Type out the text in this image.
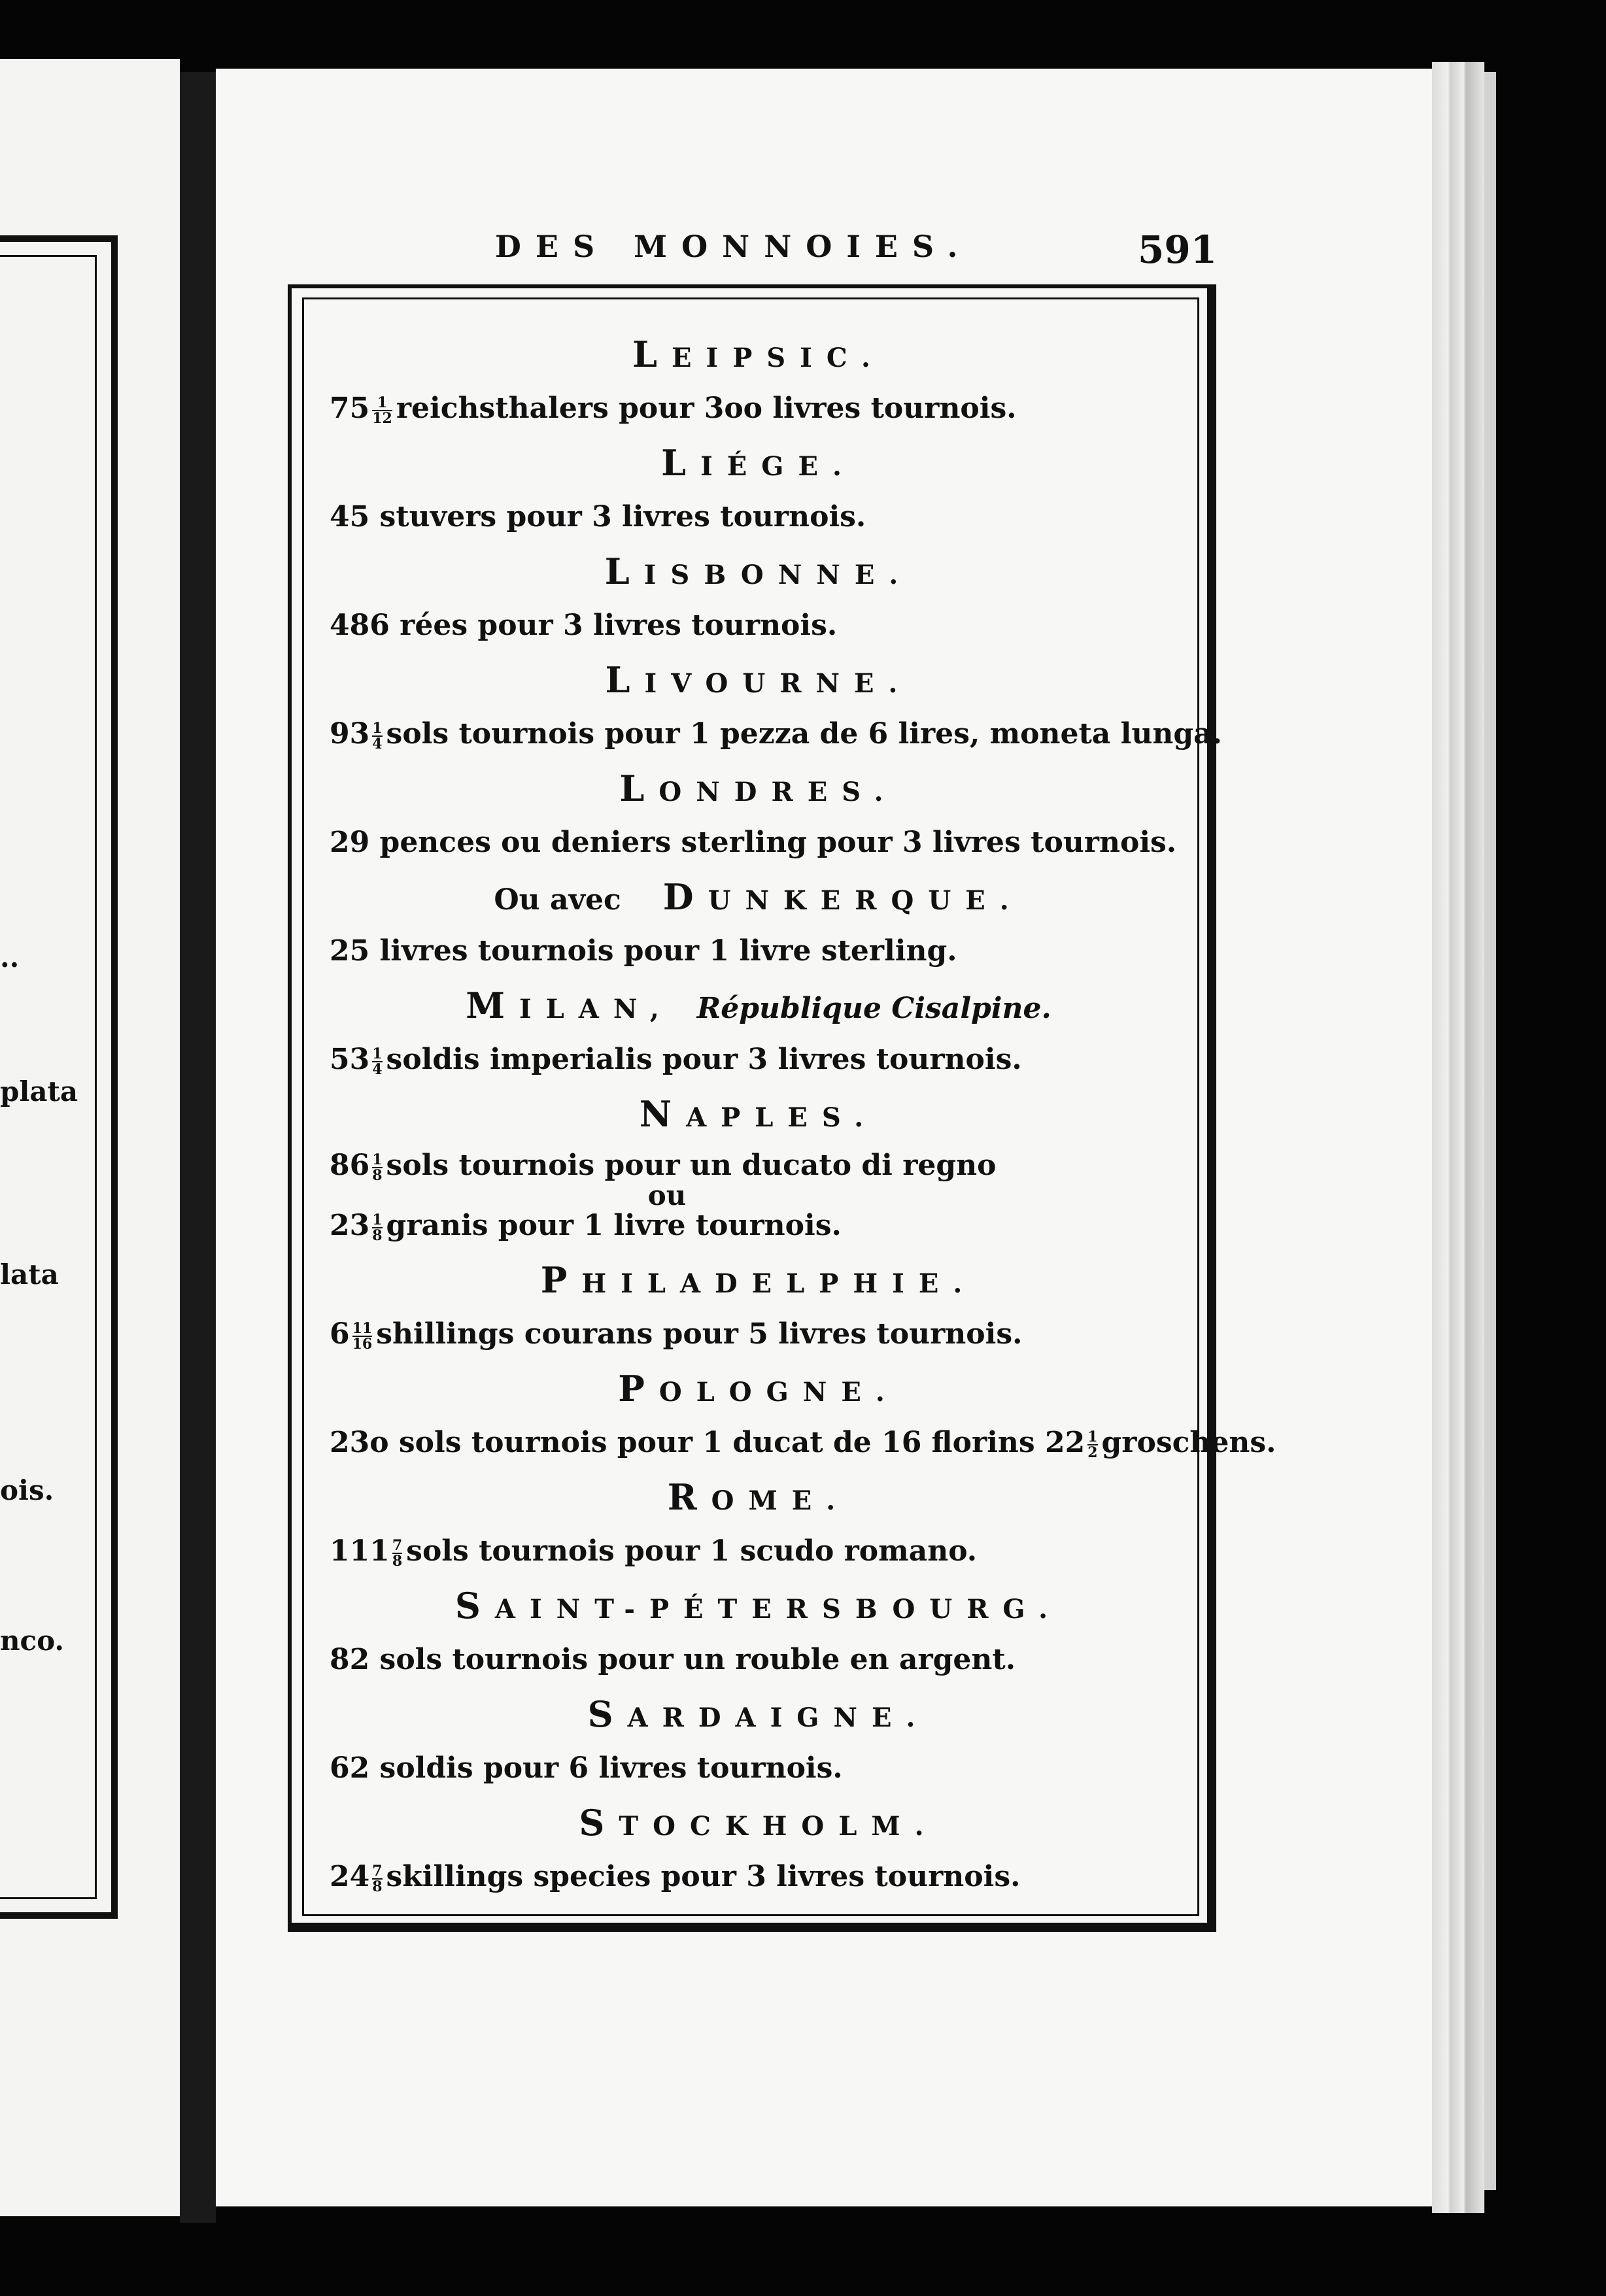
..
plata
lata
ois.
nco.
DES MONNOIES.	591
LEIPSIC.
$75 \frac{1}{12}$ reichsthalers pour 3oo livres tournois.
LIÉGE.
45 stuvers pour 3 livres tournois.
LISBONNE.
486 rées pour 3 livres tournois.
LIVOURNE.
$93 \frac{1}{4}$ sols tournois pour 1 pezza de 6 lires, moneta lunga.
LONDRES.
29 pences ou deniers sterling pour 3 livres tournois.
Ou avec DUNKERQUE.
25 livres tournois pour 1 livre sterling.
MILAN, République Cisalpine.
$53 \frac{1}{4}$ soldis imperialis pour 3 livres tournois.
NAPLES.
$86 \frac{1}{8}$ sols tournois pour un ducato di regno
ou
$23 \frac{1}{8}$ granis pour 1 livre tournois.
PHILADELPHIE.
$6 \frac{11}{16}$ shillings courans pour 5 livres tournois.
POLOGNE.
23o sols tournois pour 1 ducat de 16 florins $22 \frac{1}{2}$ groschens.
ROME.
$111 \frac{7}{8}$ sols tournois pour 1 scudo romano.
SAINT-PÉTERSBOURG.
82 sols tournois pour un rouble en argent.
SARDAIGNE.
62 soldis pour 6 livres tournois.
STOCKHOLM.
$24 \frac{7}{8}$ skillings species pour 3 livres tournois.
